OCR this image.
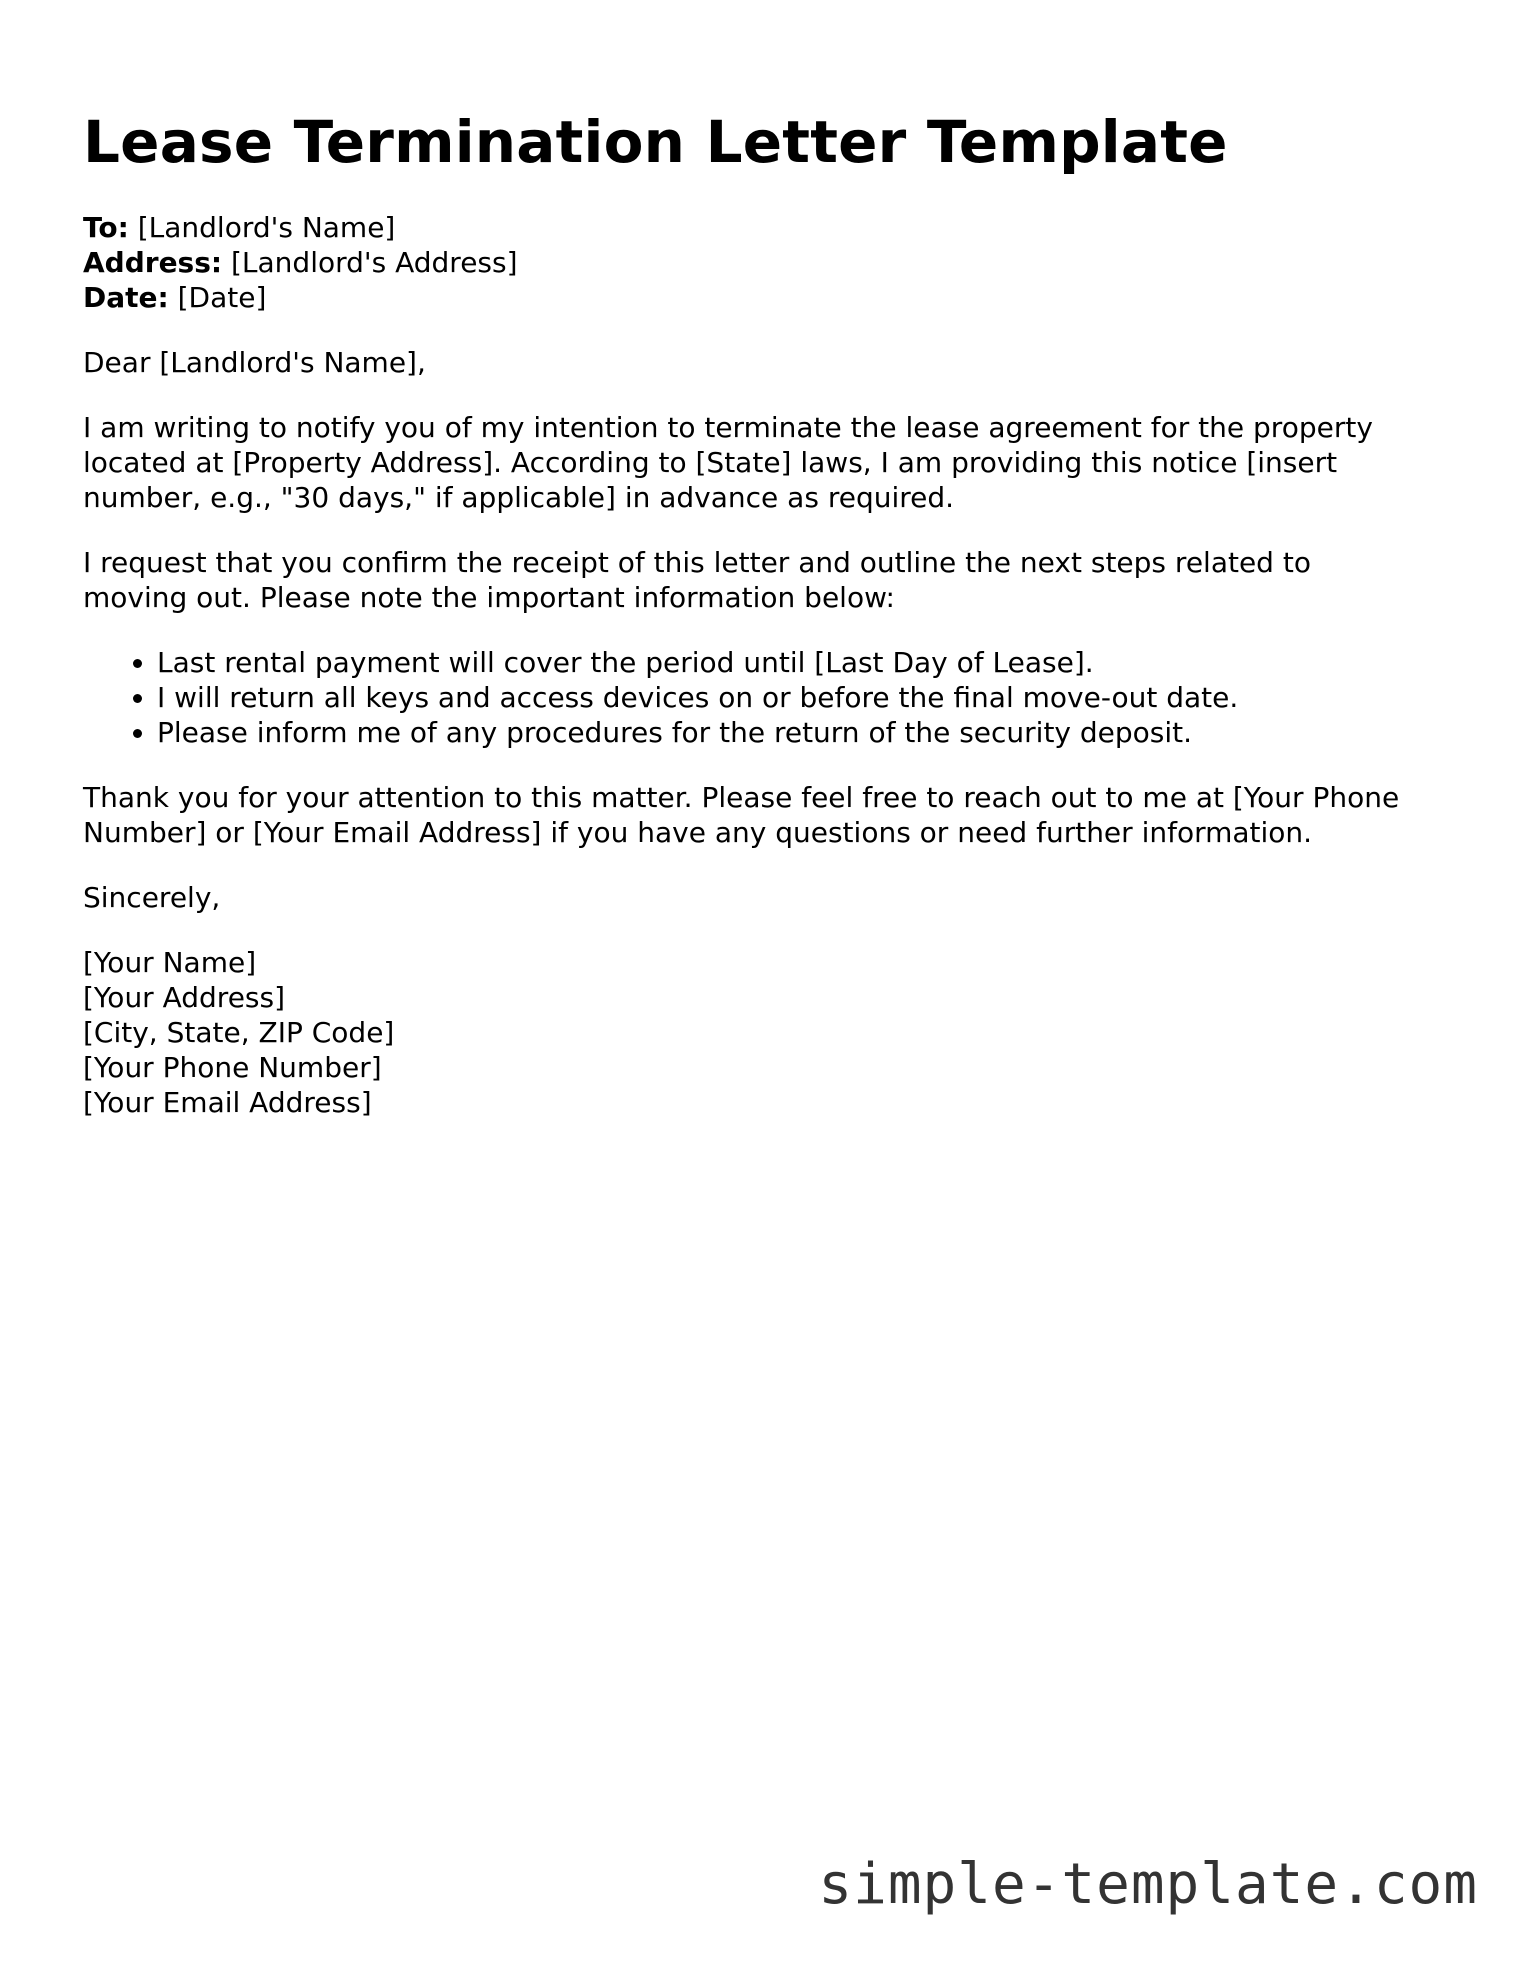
Lease Termination Letter Template
To: [Landlord's Name]
Address: [Landlord's Address]
Date: [Date]

Dear [Landlord's Name],

I am writing to notify you of my intention to terminate the lease agreement for the property located at [Property Address]. According to [State] laws, I am providing this notice [insert number, e.g., "30 days," if applicable] in advance as required.

I request that you confirm the receipt of this letter and outline the next steps related to moving out. Please note the important information below:

• Last rental payment will cover the period until [Last Day of Lease].
• I will return all keys and access devices on or before the final move-out date.
• Please inform me of any procedures for the return of the security deposit.

Thank you for your attention to this matter. Please feel free to reach out to me at [Your Phone Number] or [Your Email Address] if you have any questions or need further information.

Sincerely,

[Your Name]
[Your Address]
[City, State, ZIP Code]
[Your Phone Number]
[Your Email Address]
simple-template.com
